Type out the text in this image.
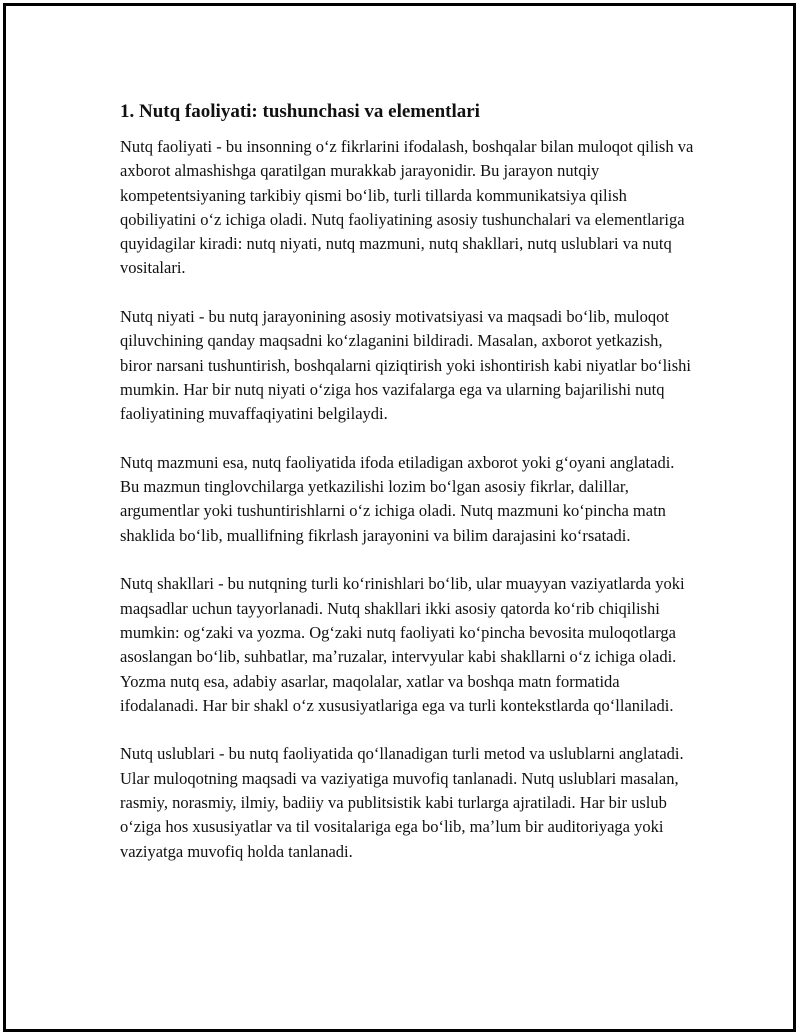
1. Nutq faoliyati: tushunchasi va elementlari

Nutq faoliyati - bu insonning oʻz fikrlarini ifodalash, boshqalar bilan muloqot qilish va axborot almashishga qaratilgan murakkab jarayonidir. Bu jarayon nutqiy kompetentsiyaning tarkibiy qismi boʻlib, turli tillarda kommunikatsiya qilish qobiliyatini oʻz ichiga oladi. Nutq faoliyatining asosiy tushunchalari va elementlariga quyidagilar kiradi: nutq niyati, nutq mazmuni, nutq shakllari, nutq uslublari va nutq vositalari.

Nutq niyati - bu nutq jarayonining asosiy motivatsiyasi va maqsadi boʻlib, muloqot qiluvchining qanday maqsadni koʻzlaganini bildiradi. Masalan, axborot yetkazish, biror narsani tushuntirish, boshqalarni qiziqtirish yoki ishontirish kabi niyatlar boʻlishi mumkin. Har bir nutq niyati oʻziga hos vazifalarga ega va ularning bajarilishi nutq faoliyatining muvaffaqiyatini belgilaydi.

Nutq mazmuni esa, nutq faoliyatida ifoda etiladigan axborot yoki gʻoyani anglatadi. Bu mazmun tinglovchilarga yetkazilishi lozim boʻlgan asosiy fikrlar, dalillar, argumentlar yoki tushuntirishlarni oʻz ichiga oladi. Nutq mazmuni koʻpincha matn shaklida boʻlib, muallifning fikrlash jarayonini va bilim darajasini koʻrsatadi.

Nutq shakllari - bu nutqning turli koʻrinishlari boʻlib, ular muayyan vaziyatlarda yoki maqsadlar uchun tayyorlanadi. Nutq shakllari ikki asosiy qatorda koʻrib chiqilishi mumkin: ogʻzaki va yozma. Ogʻzaki nutq faoliyati koʻpincha bevosita muloqotlarga asoslangan boʻlib, suhbatlar, maʼruzalar, intervyular kabi shakllarni oʻz ichiga oladi. Yozma nutq esa, adabiy asarlar, maqolalar, xatlar va boshqa matn formatida ifodalanadi. Har bir shakl oʻz xususiyatlariga ega va turli kontekstlarda qoʻllaniladi.

Nutq uslublari - bu nutq faoliyatida qoʻllanadigan turli metod va uslublarni anglatadi. Ular muloqotning maqsadi va vaziyatiga muvofiq tanlanadi. Nutq uslublari masalan, rasmiy, norasmiy, ilmiy, badiiy va publitsistik kabi turlarga ajratiladi. Har bir uslub oʻziga hos xususiyatlar va til vositalariga ega boʻlib, maʼlum bir auditoriyaga yoki vaziyatga muvofiq holda tanlanadi.
